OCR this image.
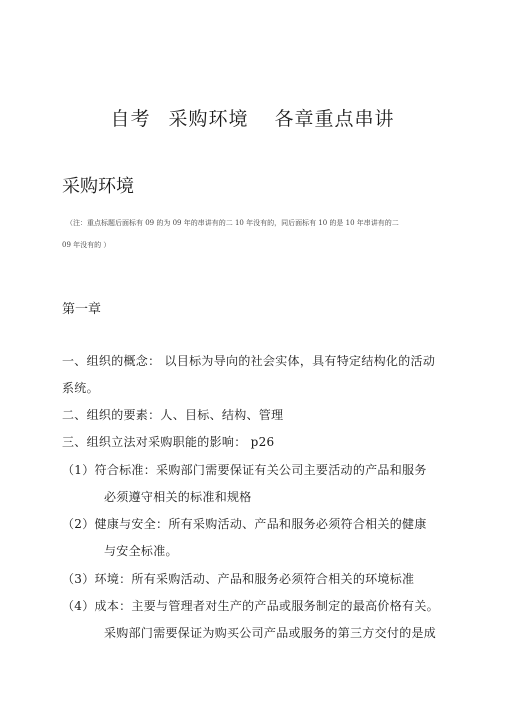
自考 采购环境 各章重点串讲
采购环境
（注：重点标题后面标有 09 的为 09 年的串讲有的二 10 年没有的，同后面标有 10 的是 10 年串讲有的二
09 年没有的 ）
第一章
一、组织的概念： 以目标为导向的社会实体，具有特定结构化的活动
系统。
二、组织的要素：人、目标、结构、管理
三、组织立法对采购职能的影响： p26
（1）符合标准：采购部门需要保证有关公司主要活动的产品和服务
必须遵守相关的标准和规格
（2）健康与安全：所有采购活动、产品和服务必须符合相关的健康
与安全标准。
（3）环境：所有采购活动、产品和服务必须符合相关的环境标准
（4）成本：主要与管理者对生产的产品或服务制定的最高价格有关。
采购部门需要保证为购买公司产品或服务的第三方交付的是成
